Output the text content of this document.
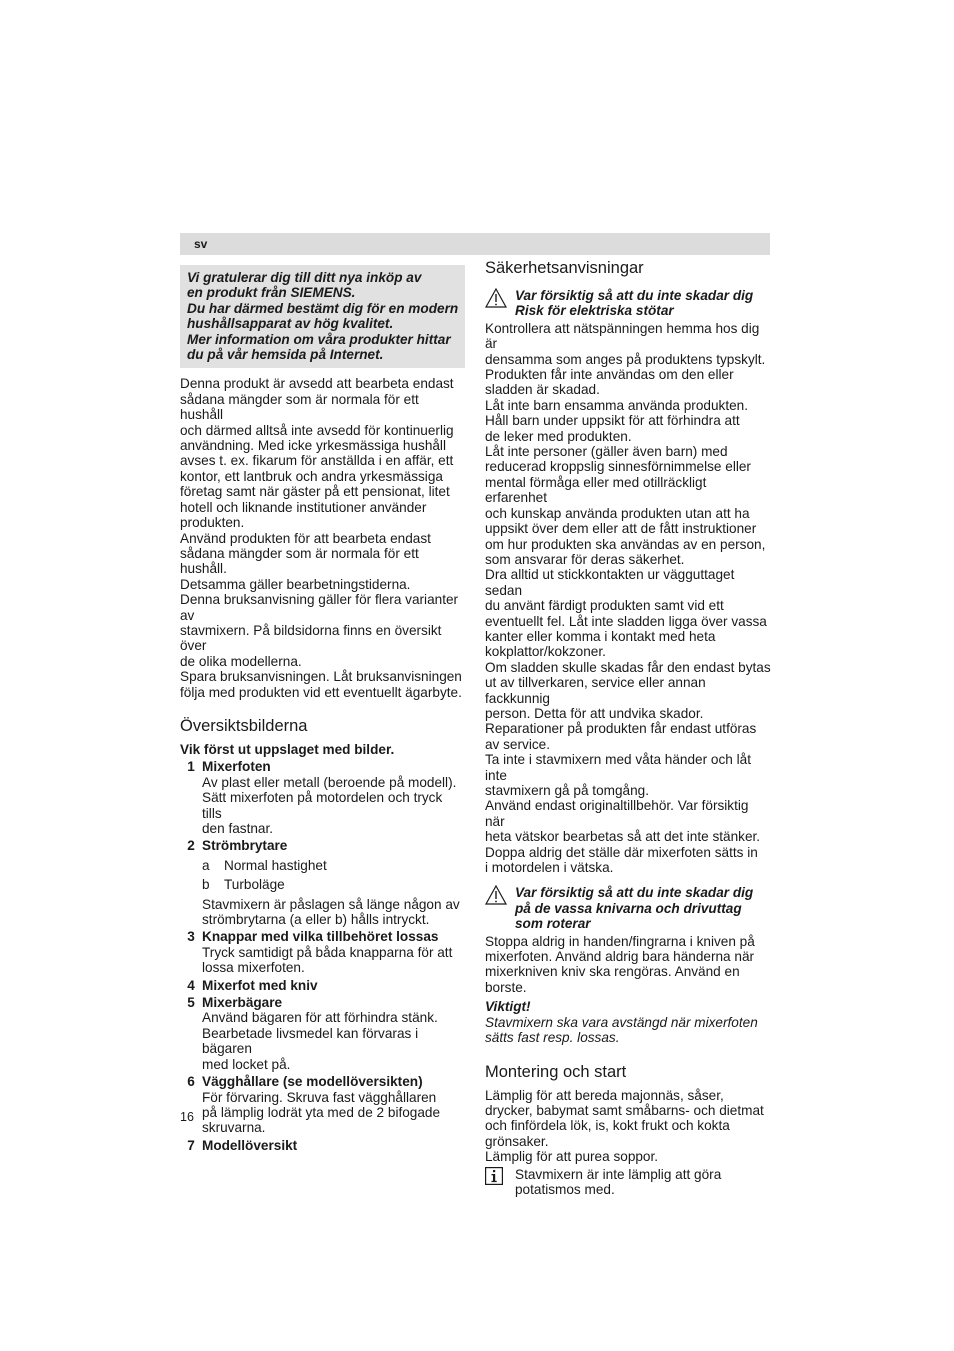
sv
Vi gratulerar dig till ditt nya inköp av
en produkt från SIEMENS.
Du har därmed bestämt dig för en modern
hushållsapparat av hög kvalitet.
Mer information om våra produkter hittar
du på vår hemsida på Internet.

Denna produkt är avsedd att bearbeta endast
sådana mängder som är normala för ett hushåll
och därmed alltså inte avsedd för kontinuerlig
användning. Med icke yrkesmässiga hushåll
avses t. ex. fikarum för anställda i en affär, ett
kontor, ett lantbruk och andra yrkesmässiga
företag samt när gäster på ett pensionat, litet
hotell och liknande institutioner använder
produkten.

Använd produkten för att bearbeta endast
sådana mängder som är normala för ett hushåll.
Detsamma gäller bearbetningstiderna.

Denna bruksanvisning gäller för flera varianter av
stavmixern. På bildsidorna finns en översikt över
de olika modellerna.

Spara bruksanvisningen. Låt bruksanvisningen
följa med produkten vid ett eventuellt ägarbyte.

Översiktsbilderna

Vik först ut uppslaget med bilder.

1 Mixerfoten
Av plast eller metall (beroende på modell).
Sätt mixerfoten på motordelen och tryck tills
den fastnar.
2 Strömbrytare
a	Normal hastighet
b	Turboläge
Stavmixern är påslagen så länge någon av
strömbrytarna (a eller b) hålls intryckt.
3 Knappar med vilka tillbehöret lossas
Tryck samtidigt på båda knapparna för att
lossa mixerfoten.
4 Mixerfot med kniv
5 Mixerbägare
Använd bägaren för att förhindra stänk.
Bearbetade livsmedel kan förvaras i bägaren
med locket på.
6 Vägghållare (se modellöversikten)
För förvaring. Skruva fast vägghållaren
på lämplig lodrät yta med de 2 bifogade
skruvarna.
7 Modellöversikt
Säkerhetsanvisningar
Var försiktig så att du inte skadar dig
Risk för elektriska stötar

Kontrollera att nätspänningen hemma hos dig är
densamma som anges på produktens typskylt.
Produkten får inte användas om den eller
sladden är skadad.

Låt inte barn ensamma använda produkten.
Håll barn under uppsikt för att förhindra att
de leker med produkten.

Låt inte personer (gäller även barn) med
reducerad kroppslig sinnesförnimmelse eller
mental förmåga eller med otillräckligt erfarenhet
och kunskap använda produkten utan att ha
uppsikt över dem eller att de fått instruktioner
om hur produkten ska användas av en person,
som ansvarar för deras säkerhet.

Dra alltid ut stickkontakten ur vägguttaget sedan
du använt färdigt produkten samt vid ett
eventuellt fel. Låt inte sladden ligga över vassa
kanter eller komma i kontakt med heta
kokplattor/kokzoner.

Om sladden skulle skadas får den endast bytas
ut av tillverkaren, service eller annan fackkunnig
person. Detta för att undvika skador.
Reparationer på produkten får endast utföras
av service.

Ta inte i stavmixern med våta händer och låt inte
stavmixern gå på tomgång.

Använd endast originaltillbehör. Var försiktig när
heta vätskor bearbetas så att det inte stänker.

Doppa aldrig det ställe där mixerfoten sätts in
i motordelen i vätska.

Var försiktig så att du inte skadar dig
på de vassa knivarna och drivuttag
som roterar

Stoppa aldrig in handen/fingrarna i kniven på
mixerfoten. Använd aldrig bara händerna när
mixerkniven kniv ska rengöras. Använd en
borste.

Viktigt!

Stavmixern ska vara avstängd när mixerfoten
sätts fast resp. lossas.
Montering och start

Lämplig för att bereda majonnäs, såser,
drycker, babymat samt småbarns- och dietmat
och finfördela lök, is, kokt frukt och kokta
grönsaker.

Lämplig för att purea soppor.

Stavmixern är inte lämplig att göra
potatismos med.
16
